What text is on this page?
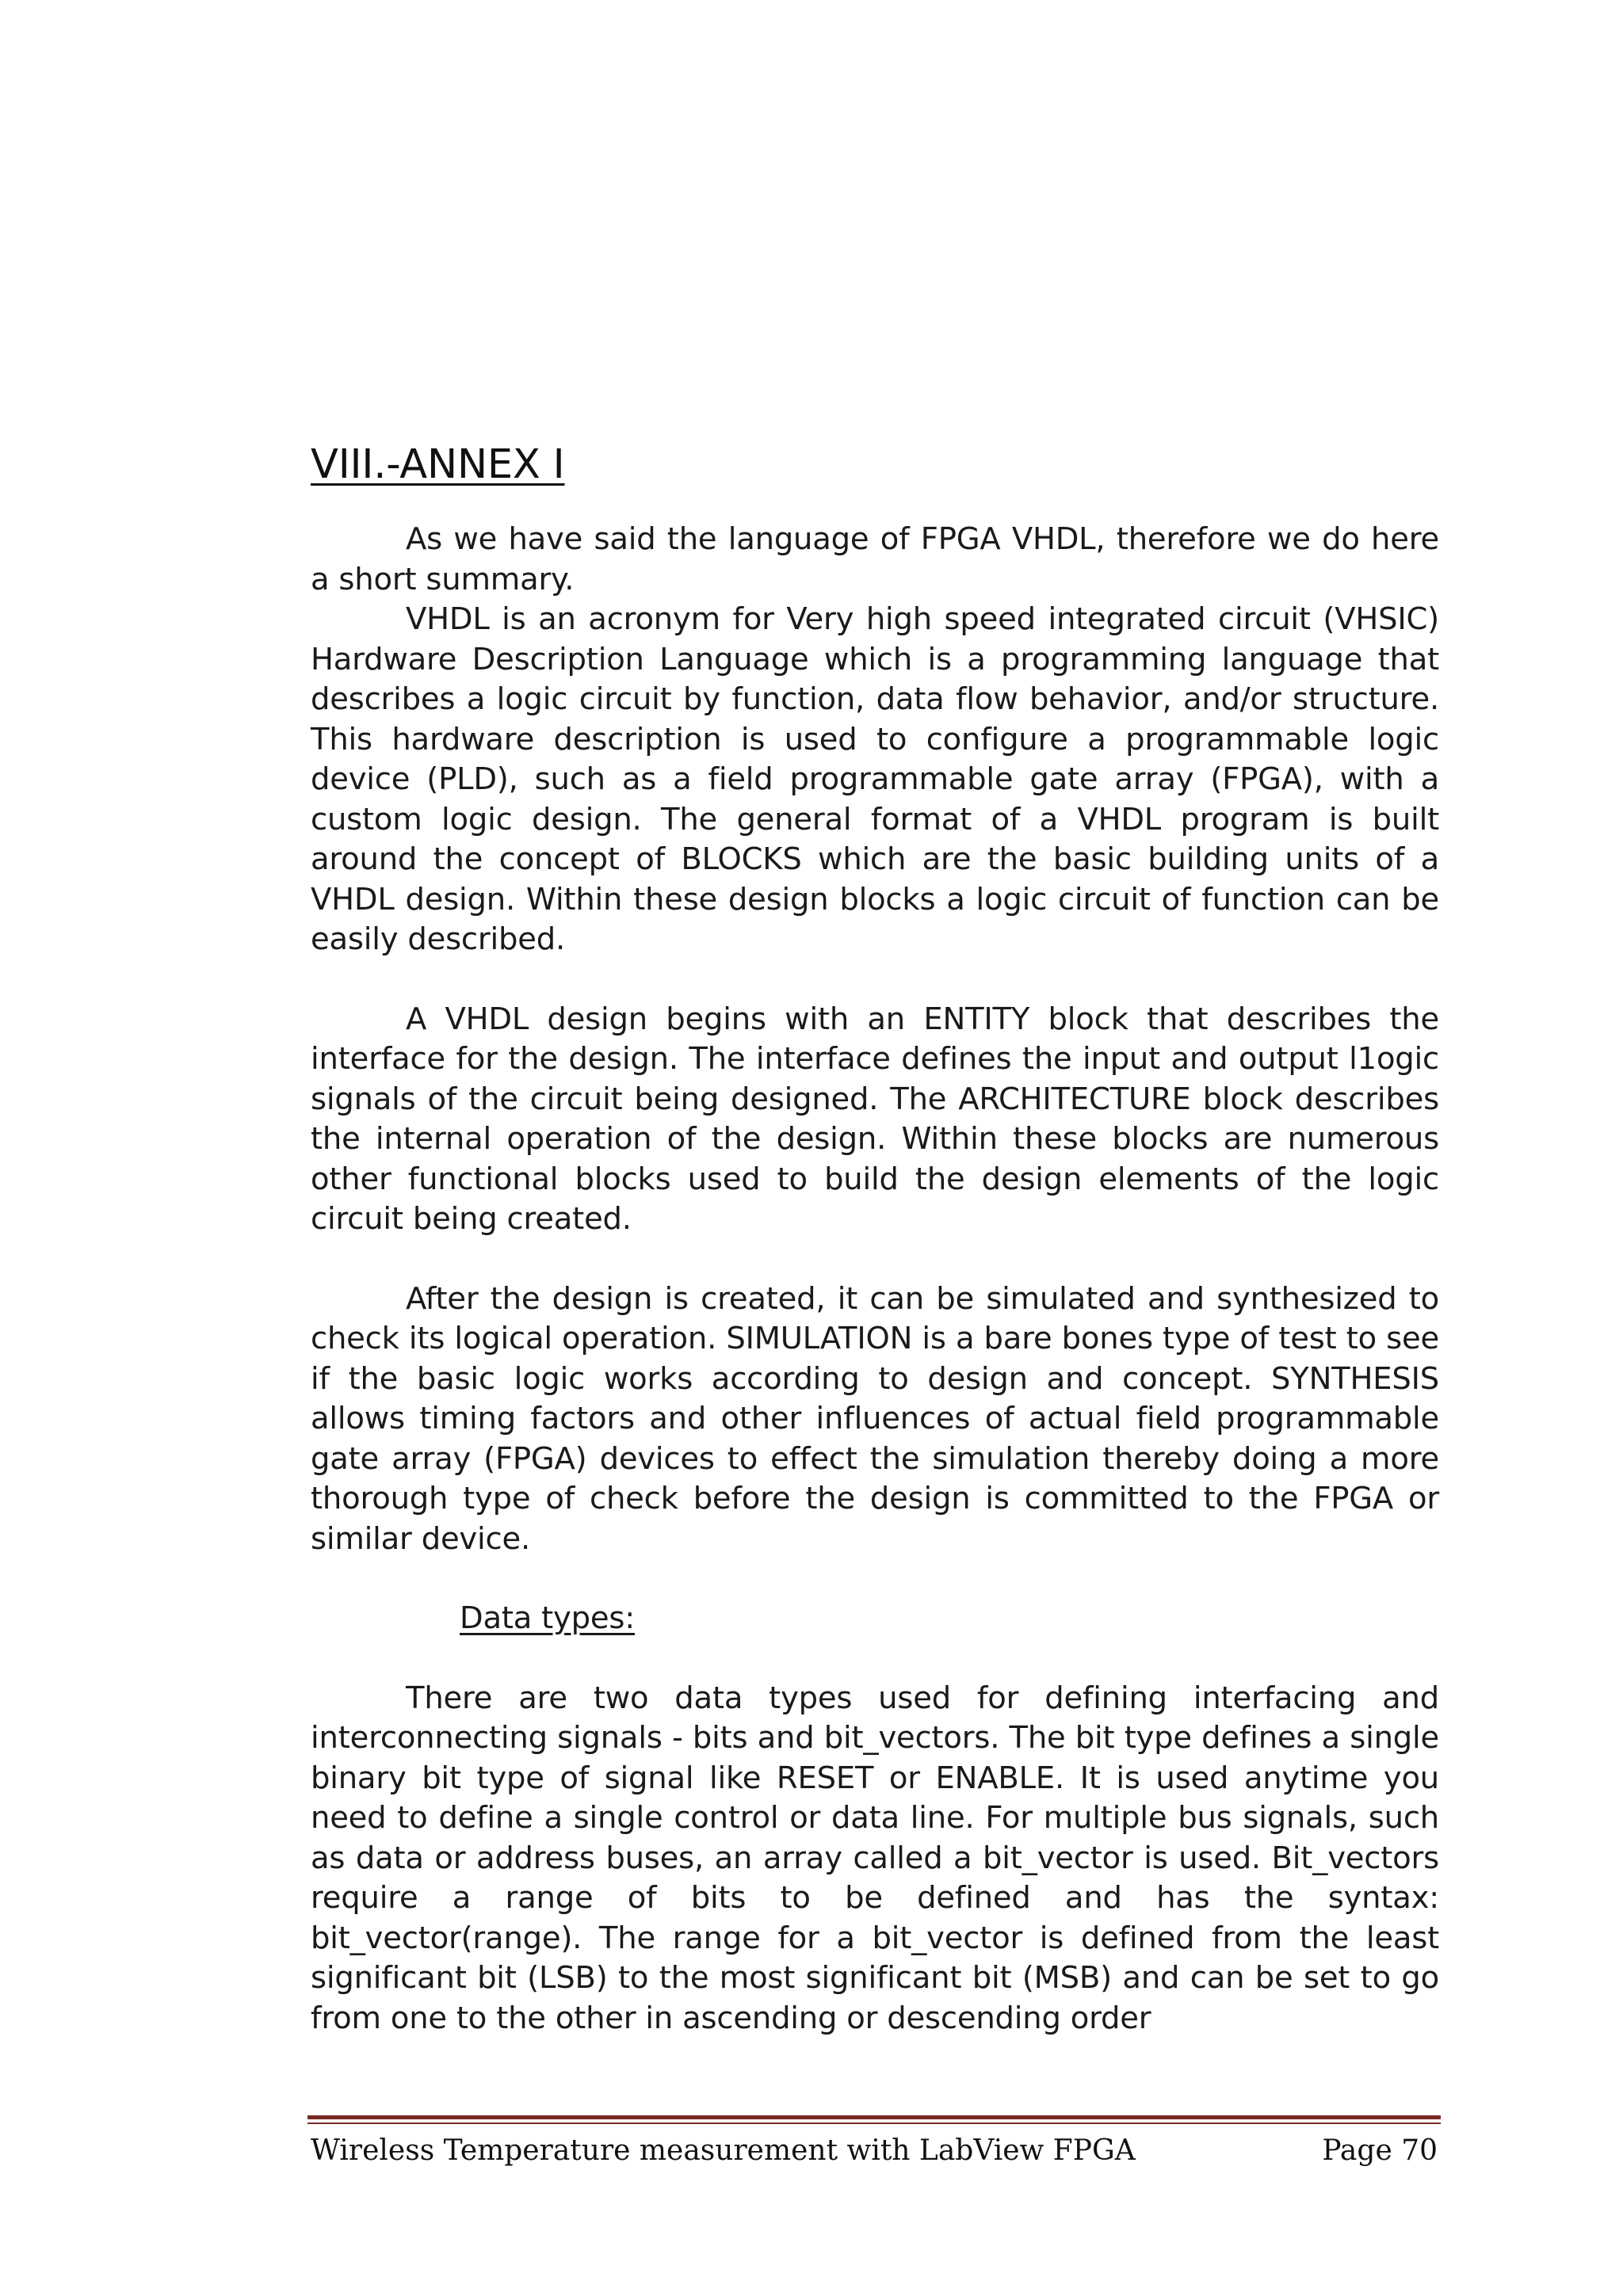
VIII.-ANNEX I

As we have said the language of FPGA VHDL, therefore we do here a short summary.

VHDL is an acronym for Very high speed integrated circuit (VHSIC) Hardware Description Language which is a programming language that describes a logic circuit by function, data flow behavior, and/or structure. This hardware description is used to configure a programmable logic device (PLD), such as a field programmable gate array (FPGA), with a custom logic design. The general format of a VHDL program is built around the concept of BLOCKS which are the basic building units of a VHDL design. Within these design blocks a logic circuit of function can be easily described.

A VHDL design begins with an ENTITY block that describes the interface for the design. The interface defines the input and output l1ogic signals of the circuit being designed. The ARCHITECTURE block describes the internal operation of the design. Within these blocks are numerous other functional blocks used to build the design elements of the logic circuit being created.

After the design is created, it can be simulated and synthesized to check its logical operation. SIMULATION is a bare bones type of test to see if the basic logic works according to design and concept. SYNTHESIS allows timing factors and other influences of actual field programmable gate array (FPGA) devices to effect the simulation thereby doing a more thorough type of check before the design is committed to the FPGA or similar device.

Data types:

There are two data types used for defining interfacing and interconnecting signals - bits and bit_vectors. The bit type defines a single binary bit type of signal like RESET or ENABLE. It is used anytime you need to define a single control or data line. For multiple bus signals, such as data or address buses, an array called a bit_vector is used. Bit_vectors require a range of bits to be defined and has the syntax: bit_vector(range). The range for a bit_vector is defined from the least significant bit (LSB) to the most significant bit (MSB) and can be set to go from one to the other in ascending or descending order

Wireless Temperature measurement with LabView FPGA	Page 70
